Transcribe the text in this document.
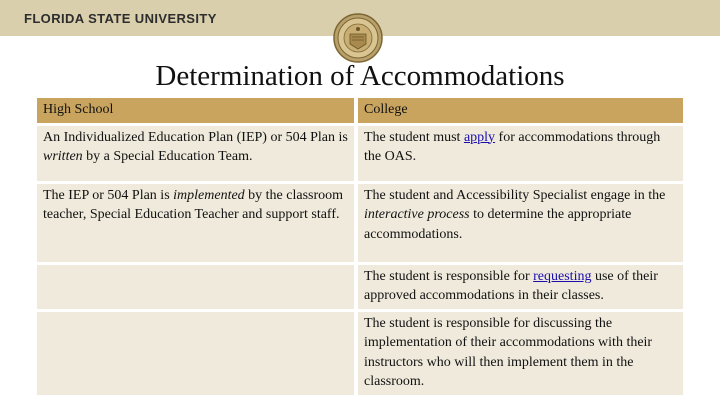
FLORIDA STATE UNIVERSITY
Determination of Accommodations
High School	College
An Individualized Education Plan (IEP) or 504 Plan is written by a Special Education Team.	The student must apply for accommodations through the OAS.
The IEP or 504 Plan is implemented by the classroom teacher, Special Education Teacher and support staff.	The student and Accessibility Specialist engage in the interactive process to determine the appropriate accommodations.
	The student is responsible for requesting use of their approved accommodations in their classes.
	The student is responsible for discussing the implementation of their accommodations with their instructors who will then implement them in the classroom.
